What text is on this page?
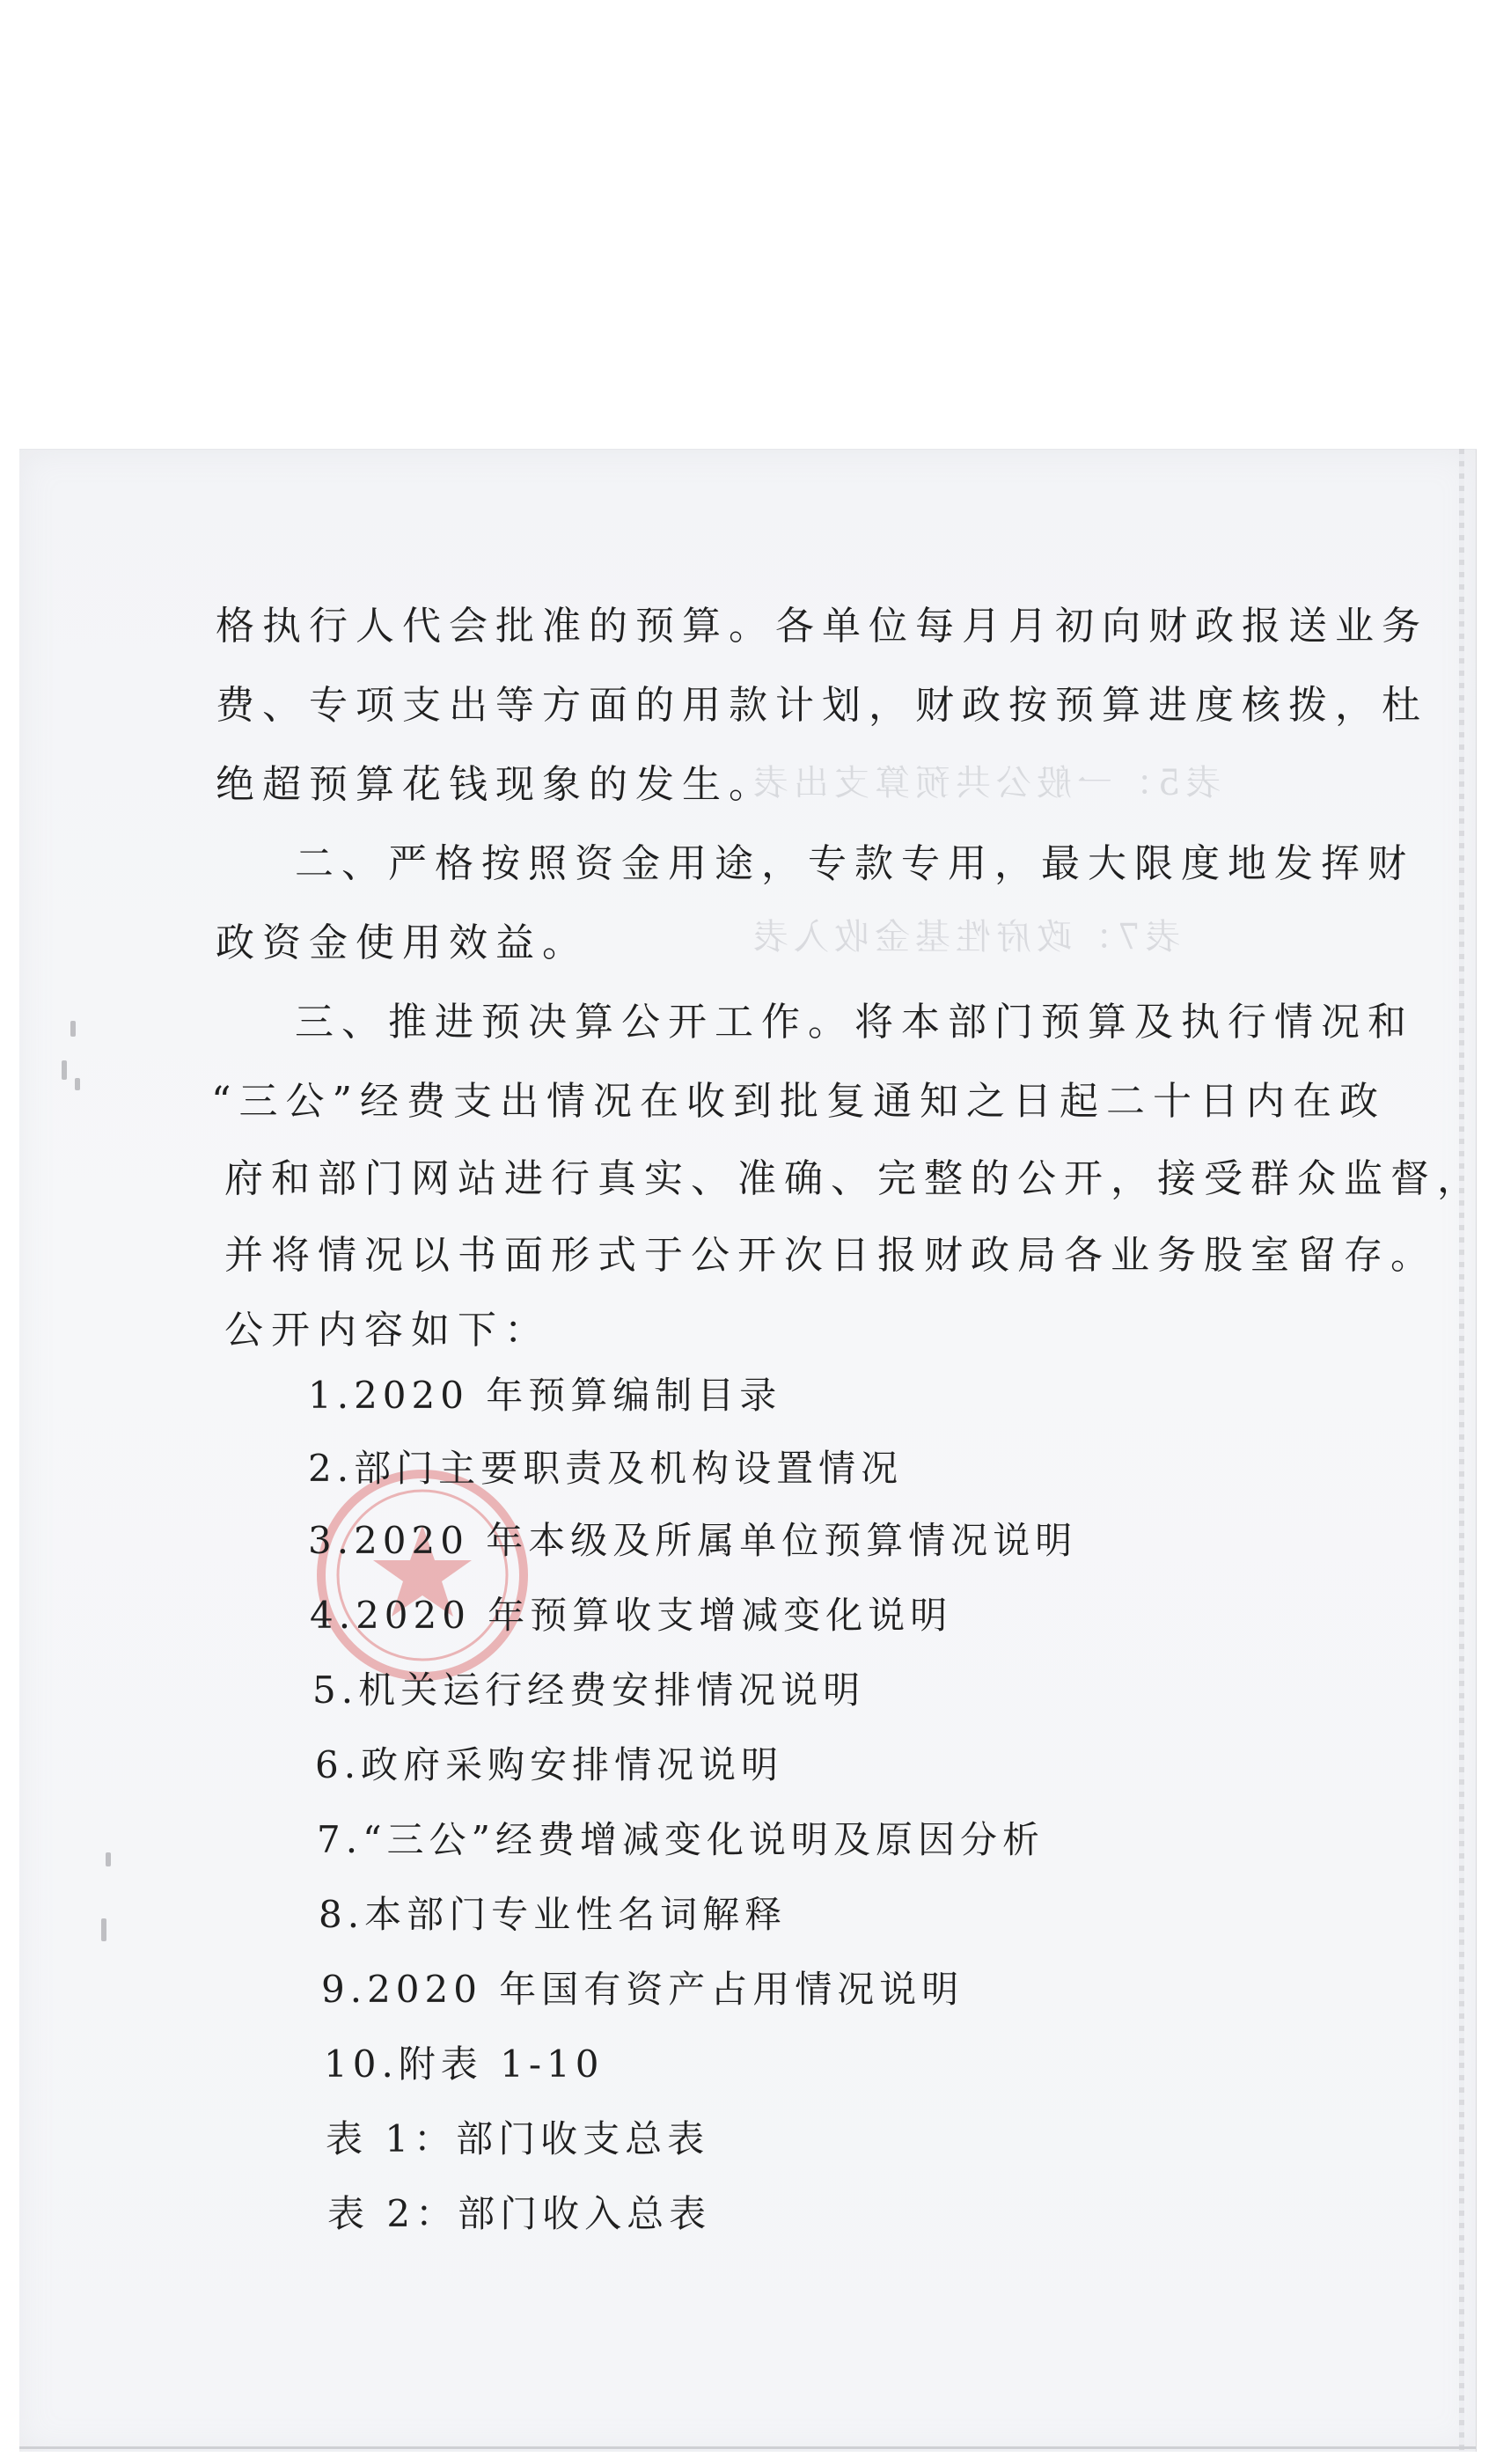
表5：一般公共预算支出表
表7：政府性基金收入表
格执行人代会批准的预算。各单位每月月初向财政报送业务
费、专项支出等方面的用款计划，财政按预算进度核拨，杜
绝超预算花钱现象的发生。
二、严格按照资金用途，专款专用，最大限度地发挥财
政资金使用效益。
三、推进预决算公开工作。将本部门预算及执行情况和
“三公”经费支出情况在收到批复通知之日起二十日内在政
府和部门网站进行真实、准确、完整的公开，接受群众监督，
并将情况以书面形式于公开次日报财政局各业务股室留存。
公开内容如下：
1.2020 年预算编制目录
2.部门主要职责及机构设置情况
3.2020 年本级及所属单位预算情况说明
4.2020 年预算收支增减变化说明
5.机关运行经费安排情况说明
6.政府采购安排情况说明
7.“三公”经费增减变化说明及原因分析
8.本部门专业性名词解释
9.2020 年国有资产占用情况说明
10.附表 1-10
表 1：部门收支总表
表 2：部门收入总表
